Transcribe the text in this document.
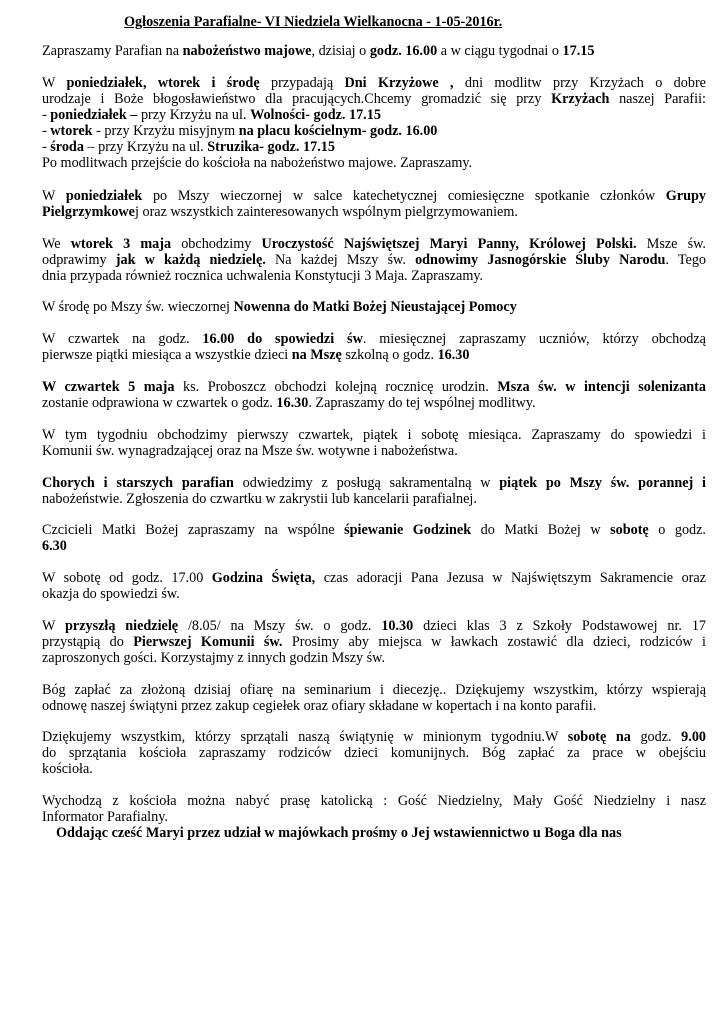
Ogłoszenia Parafialne- VI Niedziela Wielkanocna - 1-05-2016r.

Zapraszamy Parafian na nabożeństwo majowe, dzisiaj o godz. 16.00 a w ciągu tygodnai o 17.15

W poniedziałek, wtorek i środę przypadają Dni Krzyżowe , dni modlitw przy Krzyżach o dobre
urodzaje i Boże błogosławieństwo dla pracujących.Chcemy gromadzić się przy Krzyżach naszej Parafii:
- poniedziałek – przy Krzyżu na ul. Wolności- godz. 17.15
- wtorek - przy Krzyżu misyjnym na placu kościelnym- godz. 16.00
- środa – przy Krzyżu na ul. Struzika- godz. 17.15
Po modlitwach przejście do kościoła na nabożeństwo majowe. Zapraszamy.

W poniedziałek po Mszy wieczornej w salce katechetycznej comiesięczne spotkanie członków Grupy
Pielgrzymkowej oraz wszystkich zainteresowanych wspólnym pielgrzymowaniem.

We wtorek 3 maja obchodzimy Uroczystość Najświętszej Maryi Panny, Królowej Polski. Msze św.
odprawimy jak w każdą niedzielę. Na każdej Mszy św. odnowimy Jasnogórskie Śluby Narodu. Tego
dnia przypada również rocznica uchwalenia Konstytucji 3 Maja. Zapraszamy.

W środę po Mszy św. wieczornej Nowenna do Matki Bożej Nieustającej Pomocy

W czwartek na godz. 16.00 do spowiedzi św. miesięcznej zapraszamy uczniów, którzy obchodzą
pierwsze piątki miesiąca a wszystkie dzieci na Mszę szkolną o godz. 16.30

W czwartek 5 maja ks. Proboszcz obchodzi kolejną rocznicę urodzin. Msza św. w intencji solenizanta
zostanie odprawiona w czwartek o godz. 16.30. Zapraszamy do tej wspólnej modlitwy.

W tym tygodniu obchodzimy pierwszy czwartek, piątek i sobotę miesiąca. Zapraszamy do spowiedzi i
Komunii św. wynagradzającej oraz na Msze św. wotywne i nabożeństwa.

Chorych i starszych parafian odwiedzimy z posługą sakramentalną w piątek po Mszy św. porannej i
nabożeństwie. Zgłoszenia do czwartku w zakrystii lub kancelarii parafialnej.

Czcicieli Matki Bożej zapraszamy na wspólne śpiewanie Godzinek do Matki Bożej w sobotę o godz.
6.30

W sobotę od godz. 17.00 Godzina Święta, czas adoracji Pana Jezusa w Najświętszym Sakramencie oraz
okazja do spowiedzi św.

W przyszłą niedzielę /8.05/ na Mszy św. o godz. 10.30 dzieci klas 3 z Szkoły Podstawowej nr. 17
przystąpią do Pierwszej Komunii św. Prosimy aby miejsca w ławkach zostawić dla dzieci, rodziców i
zaproszonych gości. Korzystajmy z innych godzin Mszy św.

Bóg zapłać za złożoną dzisiaj ofiarę na seminarium i diecezję.. Dziękujemy wszystkim, którzy wspierają
odnowę naszej świątyni przez zakup cegiełek oraz ofiary składane w kopertach i na konto parafii.

Dziękujemy wszystkim, którzy sprzątali naszą świątynię w minionym tygodniu.W sobotę na godz. 9.00
do sprzątania kościoła zapraszamy rodziców dzieci komunijnych. Bóg zapłać za prace w obejściu
kościoła.

Wychodzą z kościoła można nabyć prasę katolicką : Gość Niedzielny, Mały Gość Niedzielny i nasz
Informator Parafialny.

Oddając cześć Maryi przez udział w majówkach prośmy o Jej wstawiennictwo u Boga dla nas
